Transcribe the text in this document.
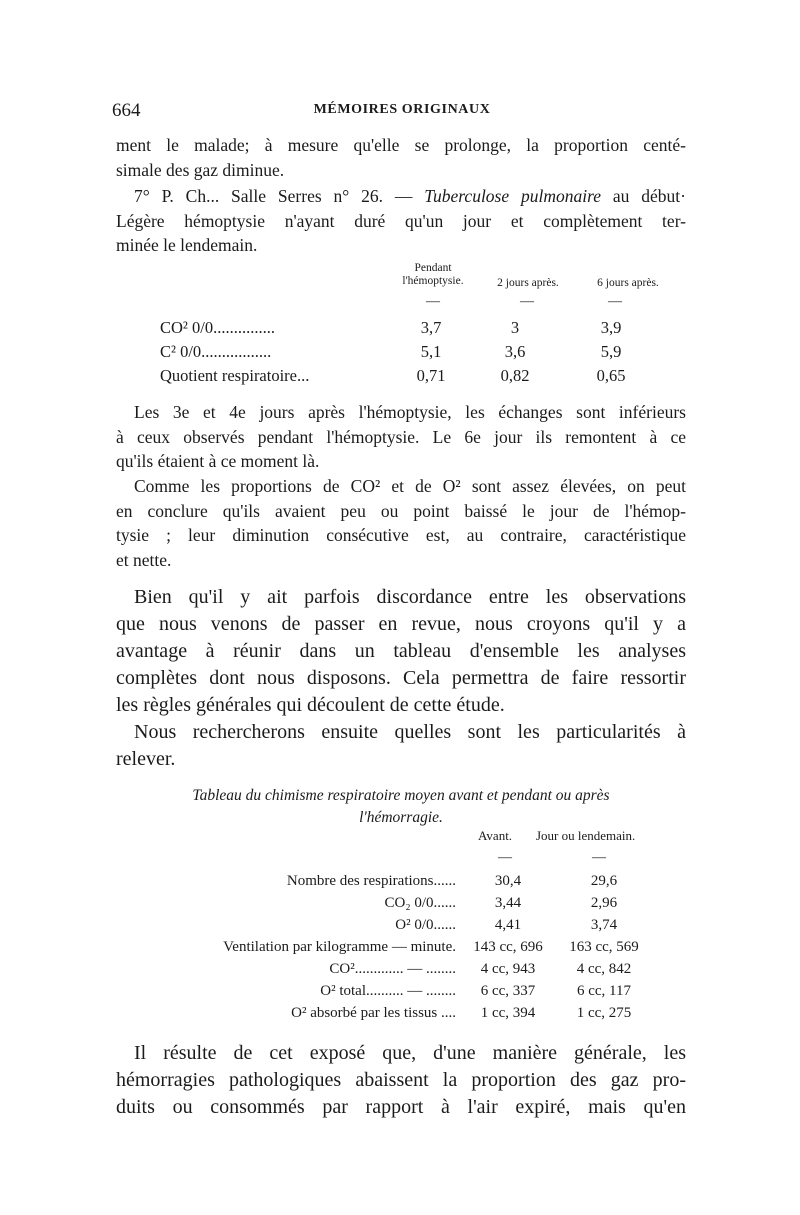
664	MÉMOIRES ORIGINAUX
ment le malade; à mesure qu'elle se prolonge, la proportion centé-
simale des gaz diminue.
7° P. Ch... Salle Serres n° 26. — Tuberculose pulmonaire au début·
Légère hémoptysie n'ayant duré qu'un jour et complètement ter-
minée le lendemain.
Pendant
l'hémoptysie.	2 jours après.	6 jours après.
—	—	—
CO² 0/0...............	3,7	3	3,9
C² 0/0.................	5,1	3,6	5,9
Quotient respiratoire...	0,71	0,82	0,65
Les 3e et 4e jours après l'hémoptysie, les échanges sont inférieurs
à ceux observés pendant l'hémoptysie. Le 6e jour ils remontent à ce
qu'ils étaient à ce moment là.
Comme les proportions de CO² et de O² sont assez élevées, on peut
en conclure qu'ils avaient peu ou point baissé le jour de l'hémop-
tysie ; leur diminution consécutive est, au contraire, caractéristique
et nette.
Bien qu'il y ait parfois discordance entre les observations
que nous venons de passer en revue, nous croyons qu'il y a
avantage à réunir dans un tableau d'ensemble les analyses
complètes dont nous disposons. Cela permettra de faire ressortir
les règles générales qui découlent de cette étude.
Nous rechercherons ensuite quelles sont les particularités à
relever.
Tableau du chimisme respiratoire moyen avant et pendant ou après
l'hémorragie.
Avant. Jour ou lendemain.
—	—
Nombre des respirations......	30,4	29,6
CO₂ 0/0......	3,44	2,96
O² 0/0......	4,41	3,74
Ventilation par kilogramme — minute.	143 cc, 696	163 cc, 569
CO²............. — ........	4 cc, 943	4 cc, 842
O² total.......... — ........	6 cc, 337	6 cc, 117
O² absorbé par les tissus ....	1 cc, 394	1 cc, 275
Il résulte de cet exposé que, d'une manière générale, les
hémorragies pathologiques abaissent la proportion des gaz pro-
duits ou consommés par rapport à l'air expiré, mais qu'en
